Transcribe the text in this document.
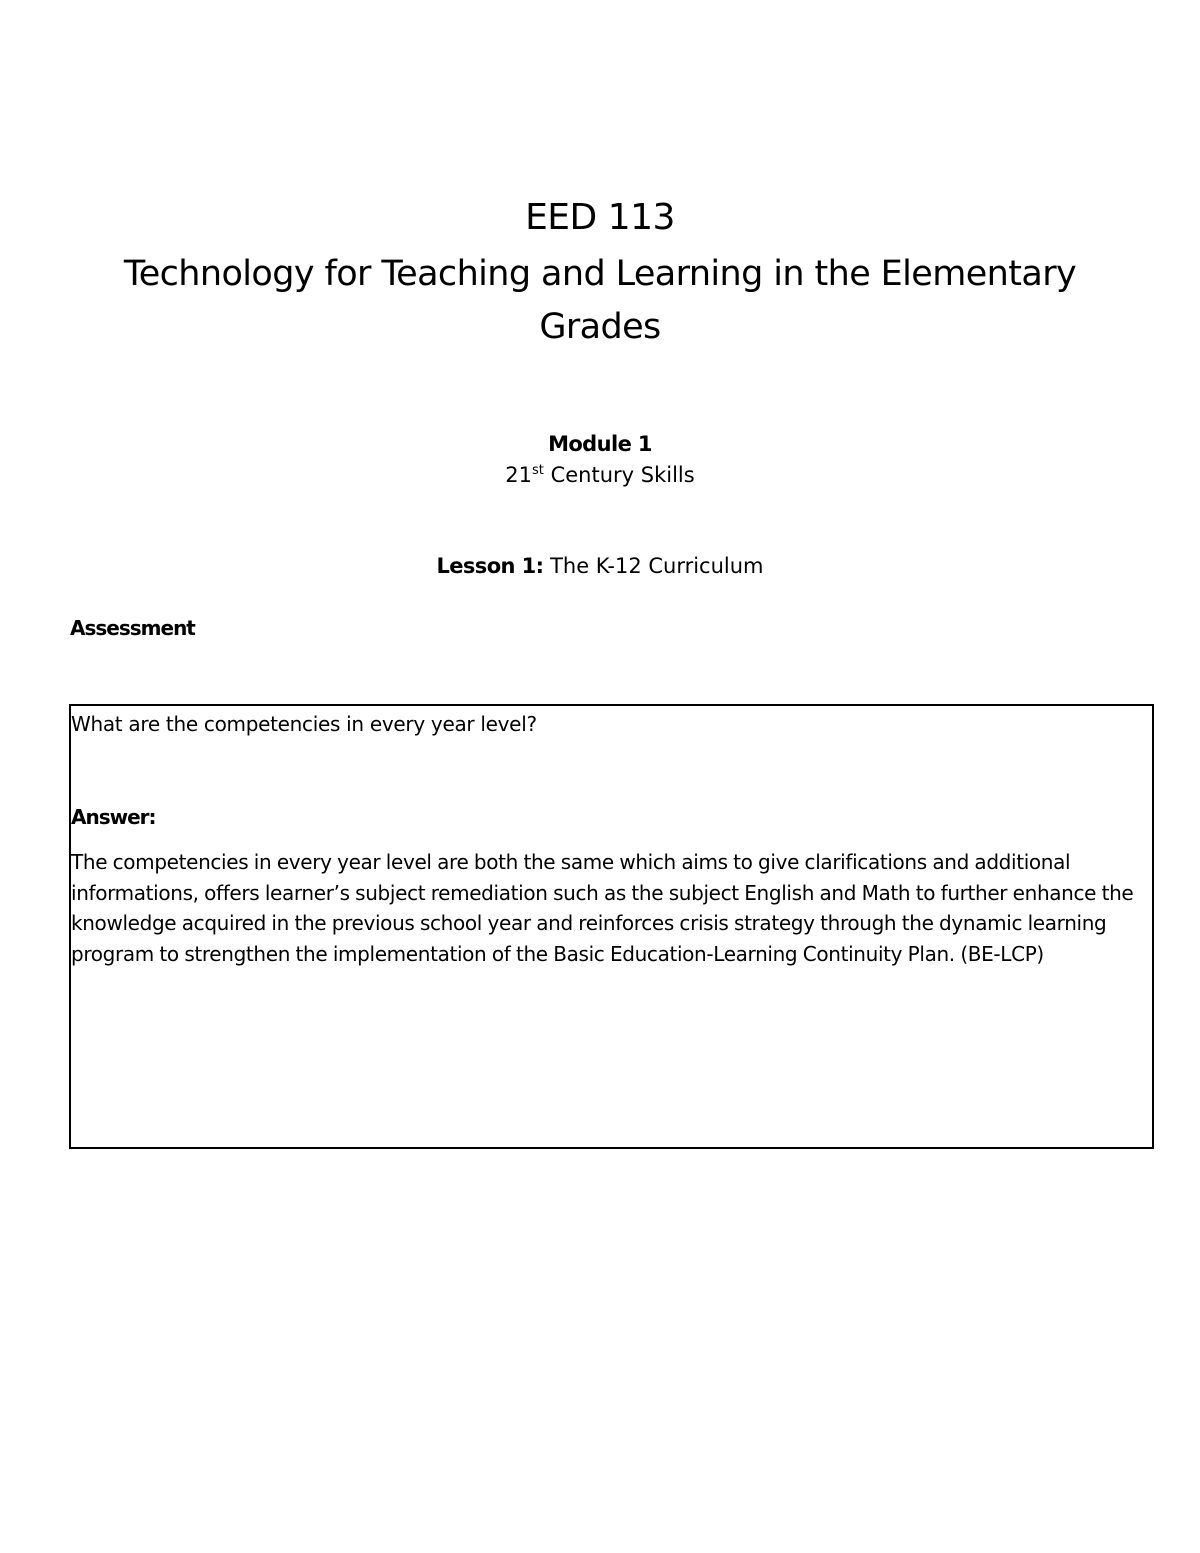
EED 113
Technology for Teaching and Learning in the Elementary Grades
Module 1
21st Century Skills
Lesson 1: The K-12 Curriculum
Assessment
What are the competencies in every year level?
Answer:
The competencies in every year level are both the same which aims to give clarifications and additional informations, offers learner’s subject remediation such as the subject English and Math to further enhance the knowledge acquired in the previous school year and reinforces crisis strategy through the dynamic learning program to strengthen the implementation of the Basic Education-Learning Continuity Plan. (BE-LCP)
